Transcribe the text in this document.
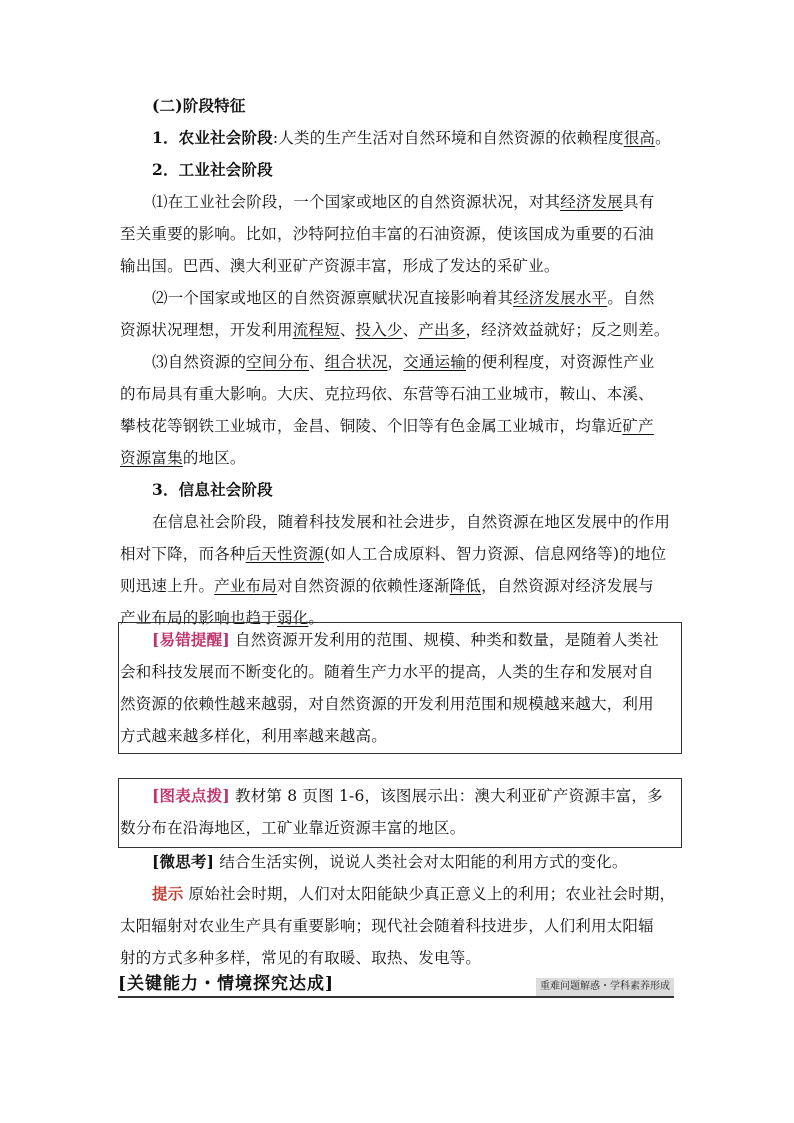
(二)阶段特征
1．农业社会阶段:人类的生产生活对自然环境和自然资源的依赖程度很高。
2．工业社会阶段
⑴在工业社会阶段，一个国家或地区的自然资源状况，对其经济发展具有
至关重要的影响。比如，沙特阿拉伯丰富的石油资源，使该国成为重要的石油
输出国。巴西、澳大利亚矿产资源丰富，形成了发达的采矿业。
⑵一个国家或地区的自然资源禀赋状况直接影响着其经济发展水平。自然
资源状况理想，开发利用流程短、投入少、产出多，经济效益就好；反之则差。
⑶自然资源的空间分布、组合状况，交通运输的便利程度，对资源性产业
的布局具有重大影响。大庆、克拉玛依、东营等石油工业城市，鞍山、本溪、
攀枝花等钢铁工业城市，金昌、铜陵、个旧等有色金属工业城市，均靠近矿产
资源富集的地区。
3．信息社会阶段
在信息社会阶段，随着科技发展和社会进步，自然资源在地区发展中的作用
相对下降，而各种后天性资源(如人工合成原料、智力资源、信息网络等)的地位
则迅速上升。产业布局对自然资源的依赖性逐渐降低，自然资源对经济发展与
产业布局的影响也趋于弱化。
[易错提醒] 自然资源开发利用的范围、规模、种类和数量，是随着人类社
会和科技发展而不断变化的。随着生产力水平的提高，人类的生存和发展对自
然资源的依赖性越来越弱，对自然资源的开发利用范围和规模越来越大，利用
方式越来越多样化，利用率越来越高。
[图表点拨] 教材第 8 页图 1-6，该图展示出：澳大利亚矿产资源丰富，多
数分布在沿海地区，工矿业靠近资源丰富的地区。
[微思考] 结合生活实例，说说人类社会对太阳能的利用方式的变化。
提示 原始社会时期，人们对太阳能缺少真正意义上的利用；农业社会时期，
太阳辐射对农业生产具有重要影响；现代社会随着科技进步，人们利用太阳辐
射的方式多种多样，常见的有取暖、取热、发电等。
[关键能力・情境探究达成]	重难问题解惑・学科素养形成
